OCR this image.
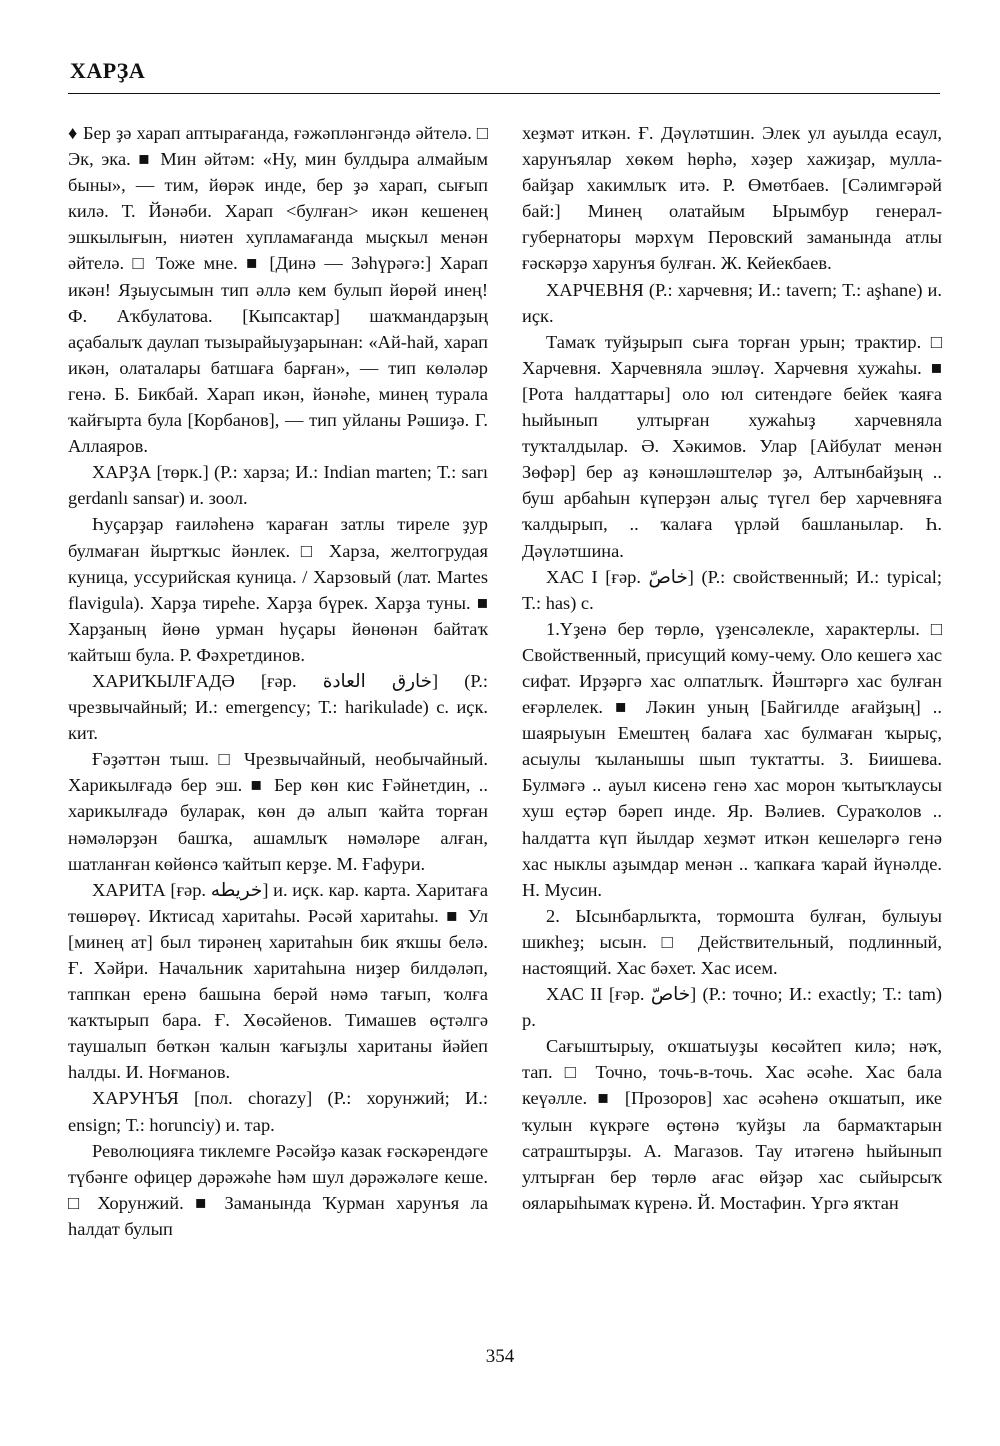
ХАРҘА

♦ Бер ҙә харап аптырағанда, ғәжәпләнгәндә әйтелә. □ Эк, эка. ■ Мин әйтәм: «Ну, мин булдыра алмайым быны», — тим, йөрәк инде, бер ҙә харап, сығып килә. Т. Йәнәби. Харап <булған> икән кешенең эшкылығын, ниәтен хупламағанда мыҫкыл менән әйтелә. □ Тоже мне. ■ [Динә — Зәһүрәгә:] Харап икән! Яҙыусымын тип әллә кем булып йөрөй инең! Ф. Аҡбулатова. [Кыпсактар] шаҡмандарҙың аҫабалыҡ даулап тызырайыуҙарынан: «Ай-һай, харап икән, олаталары батшаға барған», — тип көләләр генә. Б. Бикбай. Харап икән, йәнәһе, минең турала ҡайғырта була [Корбанов], — тип уйланы Рәшиҙә. Г. Аллаяров.

ХАРҘА [төрк.] (Р.: харза; И.: Indian marten; Т.: sarı gerdanlı sansar) и. зоол.

Һуҫарҙар ғаиләһенә ҡараған затлы тиреле ҙур булмаған йыртҡыс йәнлек. □ Харза, желтогрудая куница, уссурийская куница. / Харзовый (лат. Martes flavigula). Харҙа тиреһе. Харҙа бүрек. Харҙа туны. ■ Харҙаның йөнө урман һуҫары йөнөнән байтаҡ ҡайтыш була. Р. Фәхретдинов.

ХАРИҠЫЛҒАДӘ [ғәр. خارق العادة] (Р.: чрезвычайный; И.: emergency; Т.: harikulade) с. иҫк. кит.

Ғәҙәттән тыш. □ Чрезвычайный, необычайный. Харикылғадә бер эш. ■ Бер көн кис Ғәйнетдин, .. харикылғадә буларак, көн дә алып ҡайта торған нәмәләрҙән башҡа, ашамлыҡ нәмәләре алған, шатланған көйөнсә ҡайтып керҙе. М. Ғафури.

ХАРИТА [ғәр. خريطه] и. иҫк. кар. карта. Харитаға төшөрөү. Иктисад харитаһы. Рәсәй харитаһы. ■ Ул [минең ат] был тирәнең харитаһын бик яҡшы белә. Ғ. Хәйри. Начальник харитаһына ниҙер билдәләп, таппкан еренә башына берәй нәмә тағып, ҡолға ҡаҡтырып бара. Ғ. Хөсәйенов. Тимашев өҫтәлгә таушалып бөткән ҡалын ҡағыҙлы хаританы йәйеп һалды. И. Ноғманов.

ХАРУНЪЯ [пол. chorazy] (Р.: хорунжий; И.: ensign; Т.: horunciy) и. тар.

Революцияға тиклемге Рәсәйҙә казак ғәскәрендәге түбәнге офицер дәрәжәһе һәм шул дәрәжәләге кеше. □ Хорунжий. ■ Заманында Ҡурман харунъя ла һалдат булып

хеҙмәт иткән. Ғ. Дәүләтшин. Элек ул ауылда есаул, харунъялар хөкөм һөрһә, хәҙер хажиҙар, мулла-байҙар хакимлыҡ итә. Р. Өмөтбаев. [Сәлимгәрәй бай:] Минең олатайым Ырымбур генерал-губернаторы мәрхүм Перовский заманында атлы ғәскәрҙә харунъя булған. Ж. Кейекбаев.

ХАРЧЕВНЯ (Р.: харчевня; И.: tavern; Т.: aşhane) и. иҫк.

Тамаҡ туйҙырып сыға торған урын; трактир. □ Харчевня. Харчевняла эшләү. Харчевня хужаһы. ■ [Рота һалдаттары] оло юл ситендәге бейек ҡаяға һыйынып ултырған хужаһыҙ харчевняла туҡталдылар. Ә. Хәкимов. Улар [Айбулат менән Зөфәр] бер аҙ кәнәшләштеләр ҙә, Алтынбайҙың .. буш арбаһын күперҙән алыҫ түгел бер харчевняға ҡалдырып, .. ҡалаға үрләй башланылар. Һ. Дәүләтшина.

ХАС I [ғәр. خاصّ] (Р.: свойственный; И.: typical; Т.: has) с.

1.Үҙенә бер төрлө, үҙенсәлекле, характерлы. □ Свойственный, присущий кому-чему. Оло кешегә хас сифат. Ирҙәргә хас олпатлыҡ. Йәштәргә хас булған еғәрлелек. ■ Ләкин уның [Байгилде ағайҙың] .. шаярыуын Емештең балаға хас булмаған ҡырыҫ, асыулы ҡыланышы шып туктатты. З. Биишева. Булмәгә .. ауыл кисенә генә хас морон ҡытыҡлаусы хуш еҫтәр бәреп инде. Яр. Вәлиев. Сураҡолов .. һалдатта күп йылдар хеҙмәт иткән кешеләргә генә хас ныклы аҙымдар менән .. ҡапкаға ҡарай йүнәлде. Н. Мусин.

2. Ысынбарлыҡта, тормошта булған, булыуы шикһеҙ; ысын. □ Действительный, подлинный, настоящий. Хас бәхет. Хас исем.

ХАС II [ғәр. خاصّ] (Р.: точно; И.: exactly; Т.: tam) р.

Сағыштырыу, оҡшатыуҙы көсәйтеп килә; нәҡ, тап. □ Точно, точь-в-точь. Хас әсәһе. Хас бала кеүәлле. ■ [Прозоров] хас әсәһенә оҡшатып, ике ҡулын күкрәге өҫтөнә ҡуйҙы ла бармаҡтарын сатраштырҙы. А. Магазов. Тау итәгенә һыйынып ултырған бер төрлө ағас өйҙәр хас сыйырсыҡ ояларыһымаҡ күренә. Й. Мостафин. Үргә яҡтан

354
